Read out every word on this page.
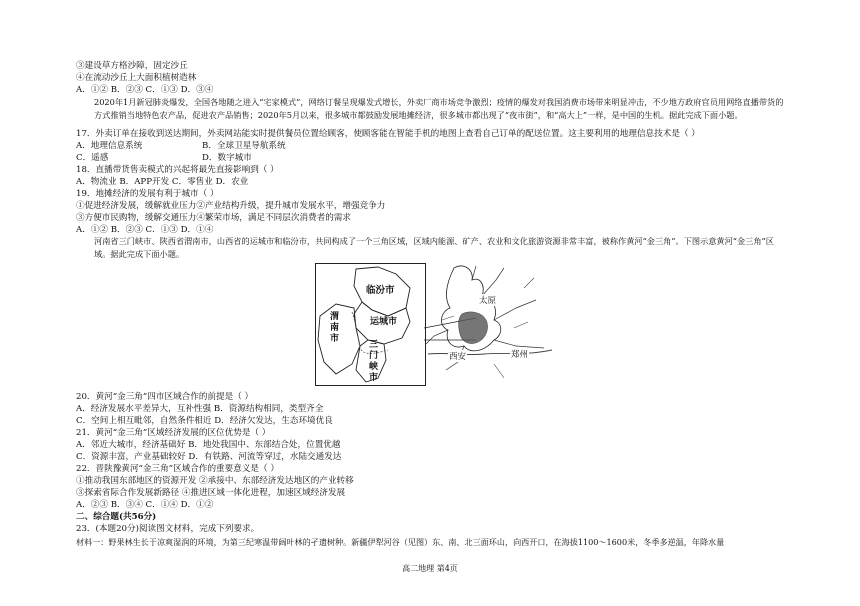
③建设草方格沙障，固定沙丘
④在流动沙丘上大面积植树造林
A．①② B．②③ C．①③ D．③④
2020年1月新冠肺炎爆发，全国各地随之进入“宅家模式”，网络订餐呈现爆发式增长，外卖厂商市场竞争激烈；疫情的爆发对我国消费市场带来明显冲击，不少地方政府官员用网络直播带货的方式推销当地特色农产品，促进农产品销售；2020年5月以来，很多城市都鼓励发展地摊经济，很多城市都出现了“夜市街”，和“高大上”一样，是中国的生机。据此完成下面小题。
17．外卖订单在接收到送达期间，外卖网站能实时提供餐员位置给顾客，使顾客能在智能手机的地图上查看自己订单的配送位置。这主要利用的地理信息技术是（ ）
A．地理信息系统	B．全球卫星导航系统
C．遥感	D．数字城市
18．直播带货售卖模式的兴起将最先直接影响到（ ）
A．物流业 B．APP开发 C．零售业 D．农业
19．地摊经济的发展有利于城市（ ）
①促进经济发展，缓解就业压力②产业结构升级，提升城市发展水平，增强竞争力
③方便市民购物，缓解交通压力④繁荣市场，满足不同层次消费者的需求
A．①② B．②③ C．①③ D．①④
河南省三门峡市、陕西省渭南市，山西省的运城市和临汾市，共同构成了一个三角区域，区域内能源、矿产、农业和文化旅游资源非常丰富，被称作黄河“金三角”。下图示意黄河“金三角”区域。据此完成下面小题。
临汾市
运城市
渭南市
三门峡市
太原
西安	郑州
20．黄河“金三角”四市区域合作的前提是（ ）
A．经济发展水平差异大，互补性强 B．资源结构相同，类型齐全
C．空间上相互毗邻，自然条件相近 D．经济欠发达，生态环境优良
21．黄河“金三角”区域经济发展的区位优势是（ ）
A．邻近大城市，经济基础好 B．地处我国中、东部结合处，位置优越
C．资源丰富，产业基础较好 D．有铁路、河流等穿过，水陆交通发达
22．晋陕豫黄河“金三角”区域合作的重要意义是（ ）
①推动我国东部地区的资源开发 ②承接中、东部经济发达地区的产业转移
③探索省际合作发展新路径 ④推进区域一体化进程，加速区域经济发展
A．②③ B．③④ C．①④ D．①②
二、综合题(共56分)
23．(本题20分)阅读图文材料，完成下列要求。
材料一：野果林生长于凉爽湿润的环境，为第三纪寒温带阔叶林的孑遗树种。新疆伊犁河谷（见图）东、南、北三面环山，向西开口，在海拔1100～1600米，冬季多逆温，年降水量
高二地理 第4页
